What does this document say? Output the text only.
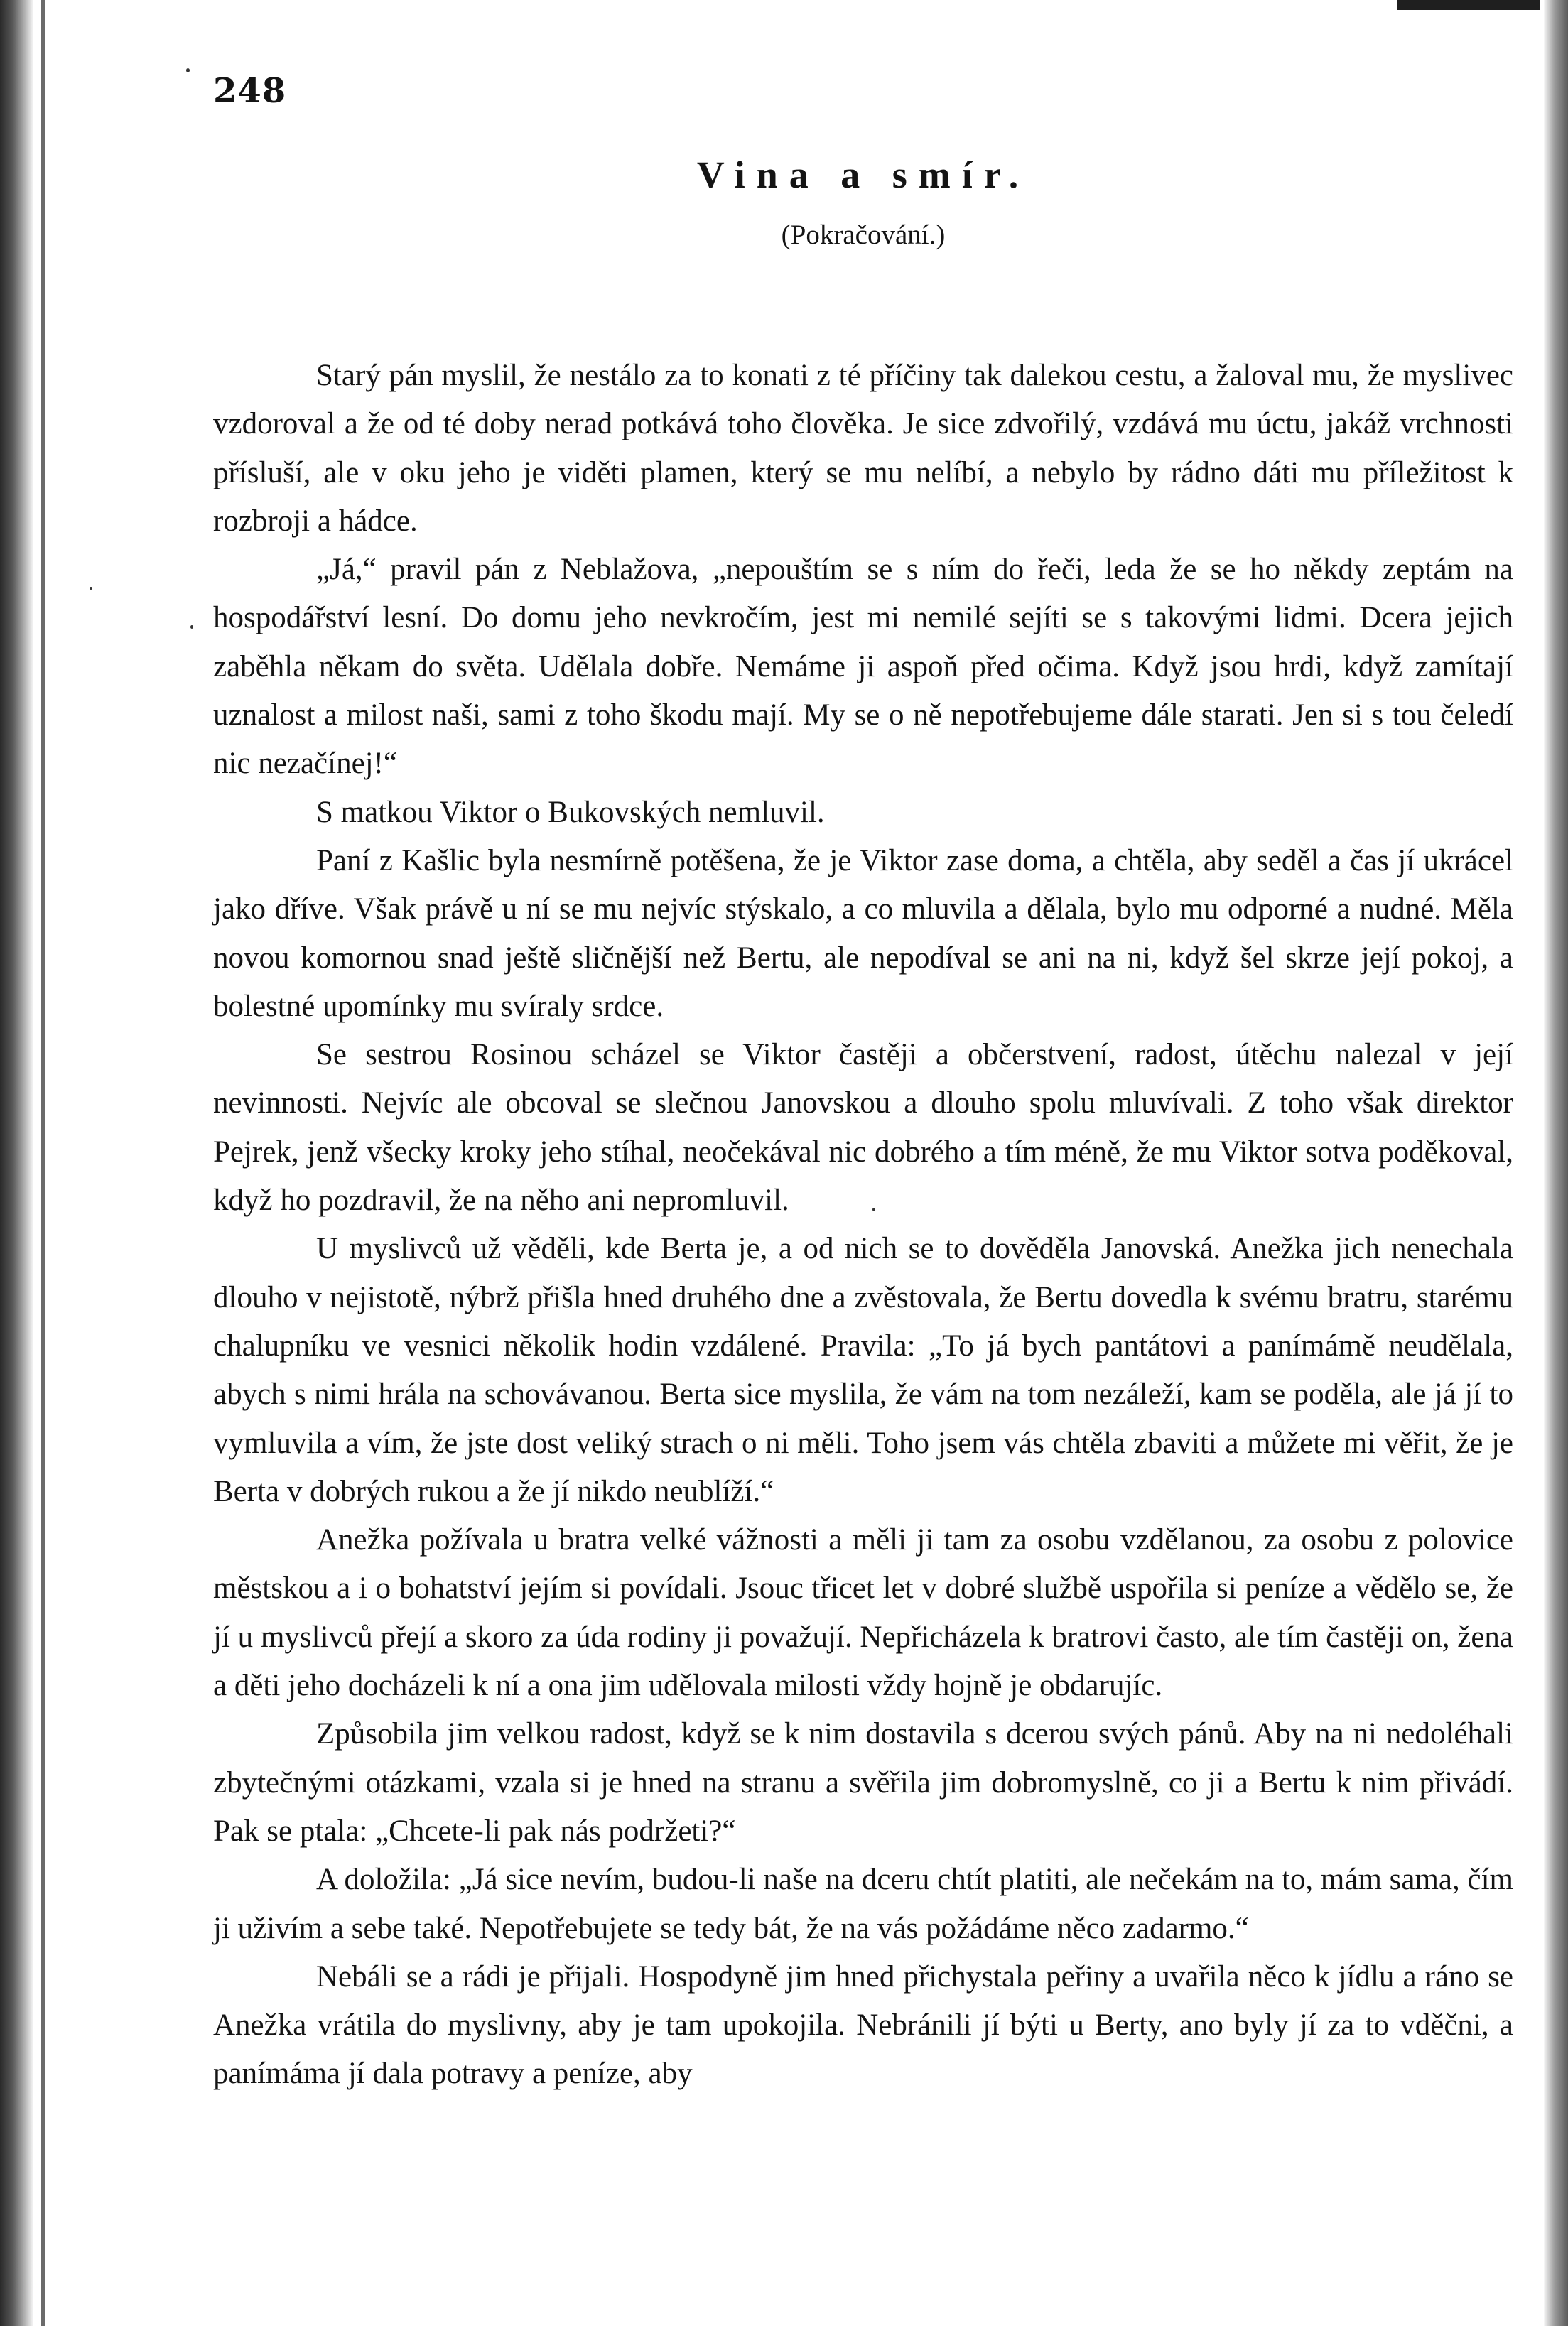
248
Vina a smír.
(Pokračování.)

Starý pán myslil, že nestálo za to konati z té příčiny tak dalekou cestu, a žaloval mu, že myslivec vzdoroval a že od té doby nerad potkává toho člověka. Je sice zdvořilý, vzdává mu úctu, jakáž vrchnosti přísluší, ale v oku jeho je viděti plamen, který se mu nelíbí, a nebylo by rádno dáti mu příležitost k rozbroji a hádce.

„Já,“ pravil pán z Neblažova, „nepouštím se s ním do řeči, leda že se ho někdy zeptám na hospodářství lesní. Do domu jeho nevkročím, jest mi nemilé sejíti se s takovými lidmi. Dcera jejich zaběhla někam do světa. Udělala dobře. Nemáme ji aspoň před očima. Když jsou hrdi, když zamítají uznalost a milost naši, sami z toho škodu mají. My se o ně nepotřebujeme dále starati. Jen si s tou čeledí nic nezačínej!“

S matkou Viktor o Bukovských nemluvil.

Paní z Kašlic byla nesmírně potěšena, že je Viktor zase doma, a chtěla, aby seděl a čas jí ukrácel jako dříve. Však právě u ní se mu nejvíc stýskalo, a co mluvila a dělala, bylo mu odporné a nudné. Měla novou komornou snad ještě sličnější než Bertu, ale nepodíval se ani na ni, když šel skrze její pokoj, a bolestné upomínky mu svíraly srdce.

Se sestrou Rosinou scházel se Viktor častěji a občerstvení, radost, útěchu nalezal v její nevinnosti. Nejvíc ale obcoval se slečnou Janovskou a dlouho spolu mluvívali. Z toho však direktor Pejrek, jenž všecky kroky jeho stíhal, neočekával nic dobrého a tím méně, že mu Viktor sotva poděkoval, když ho pozdravil, že na něho ani nepromluvil.

U myslivců už věděli, kde Berta je, a od nich se to dověděla Janovská. Anežka jich nenechala dlouho v nejistotě, nýbrž přišla hned druhého dne a zvěstovala, že Bertu dovedla k svému bratru, starému chalupníku ve vesnici několik hodin vzdálené. Pravila: „To já bych pantátovi a panímámě neudělala, abych s nimi hrála na schovávanou. Berta sice myslila, že vám na tom nezáleží, kam se poděla, ale já jí to vymluvila a vím, že jste dost veliký strach o ni měli. Toho jsem vás chtěla zbaviti a můžete mi věřit, že je Berta v dobrých rukou a že jí nikdo neublíží.“

Anežka požívala u bratra velké vážnosti a měli ji tam za osobu vzdělanou, za osobu z polovice městskou a i o bohatství jejím si povídali. Jsouc třicet let v dobré službě uspořila si peníze a vědělo se, že jí u myslivců přejí a skoro za úda rodiny ji považují. Nepřicházela k bratrovi často, ale tím častěji on, žena a děti jeho docházeli k ní a ona jim udělovala milosti vždy hojně je obdarujíc.

Způsobila jim velkou radost, když se k nim dostavila s dcerou svých pánů. Aby na ni nedoléhali zbytečnými otázkami, vzala si je hned na stranu a svěřila jim dobromyslně, co ji a Bertu k nim přivádí. Pak se ptala: „Chcete-li pak nás podržeti?“

A doložila: „Já sice nevím, budou-li naše na dceru chtít platiti, ale nečekám na to, mám sama, čím ji uživím a sebe také. Nepotřebujete se tedy bát, že na vás požádáme něco zadarmo.“

Nebáli se a rádi je přijali. Hospodyně jim hned přichystala peřiny a uvařila něco k jídlu a ráno se Anežka vrátila do myslivny, aby je tam upokojila. Nebránili jí býti u Berty, ano byly jí za to vděčni, a panímáma jí dala potravy a peníze, aby
